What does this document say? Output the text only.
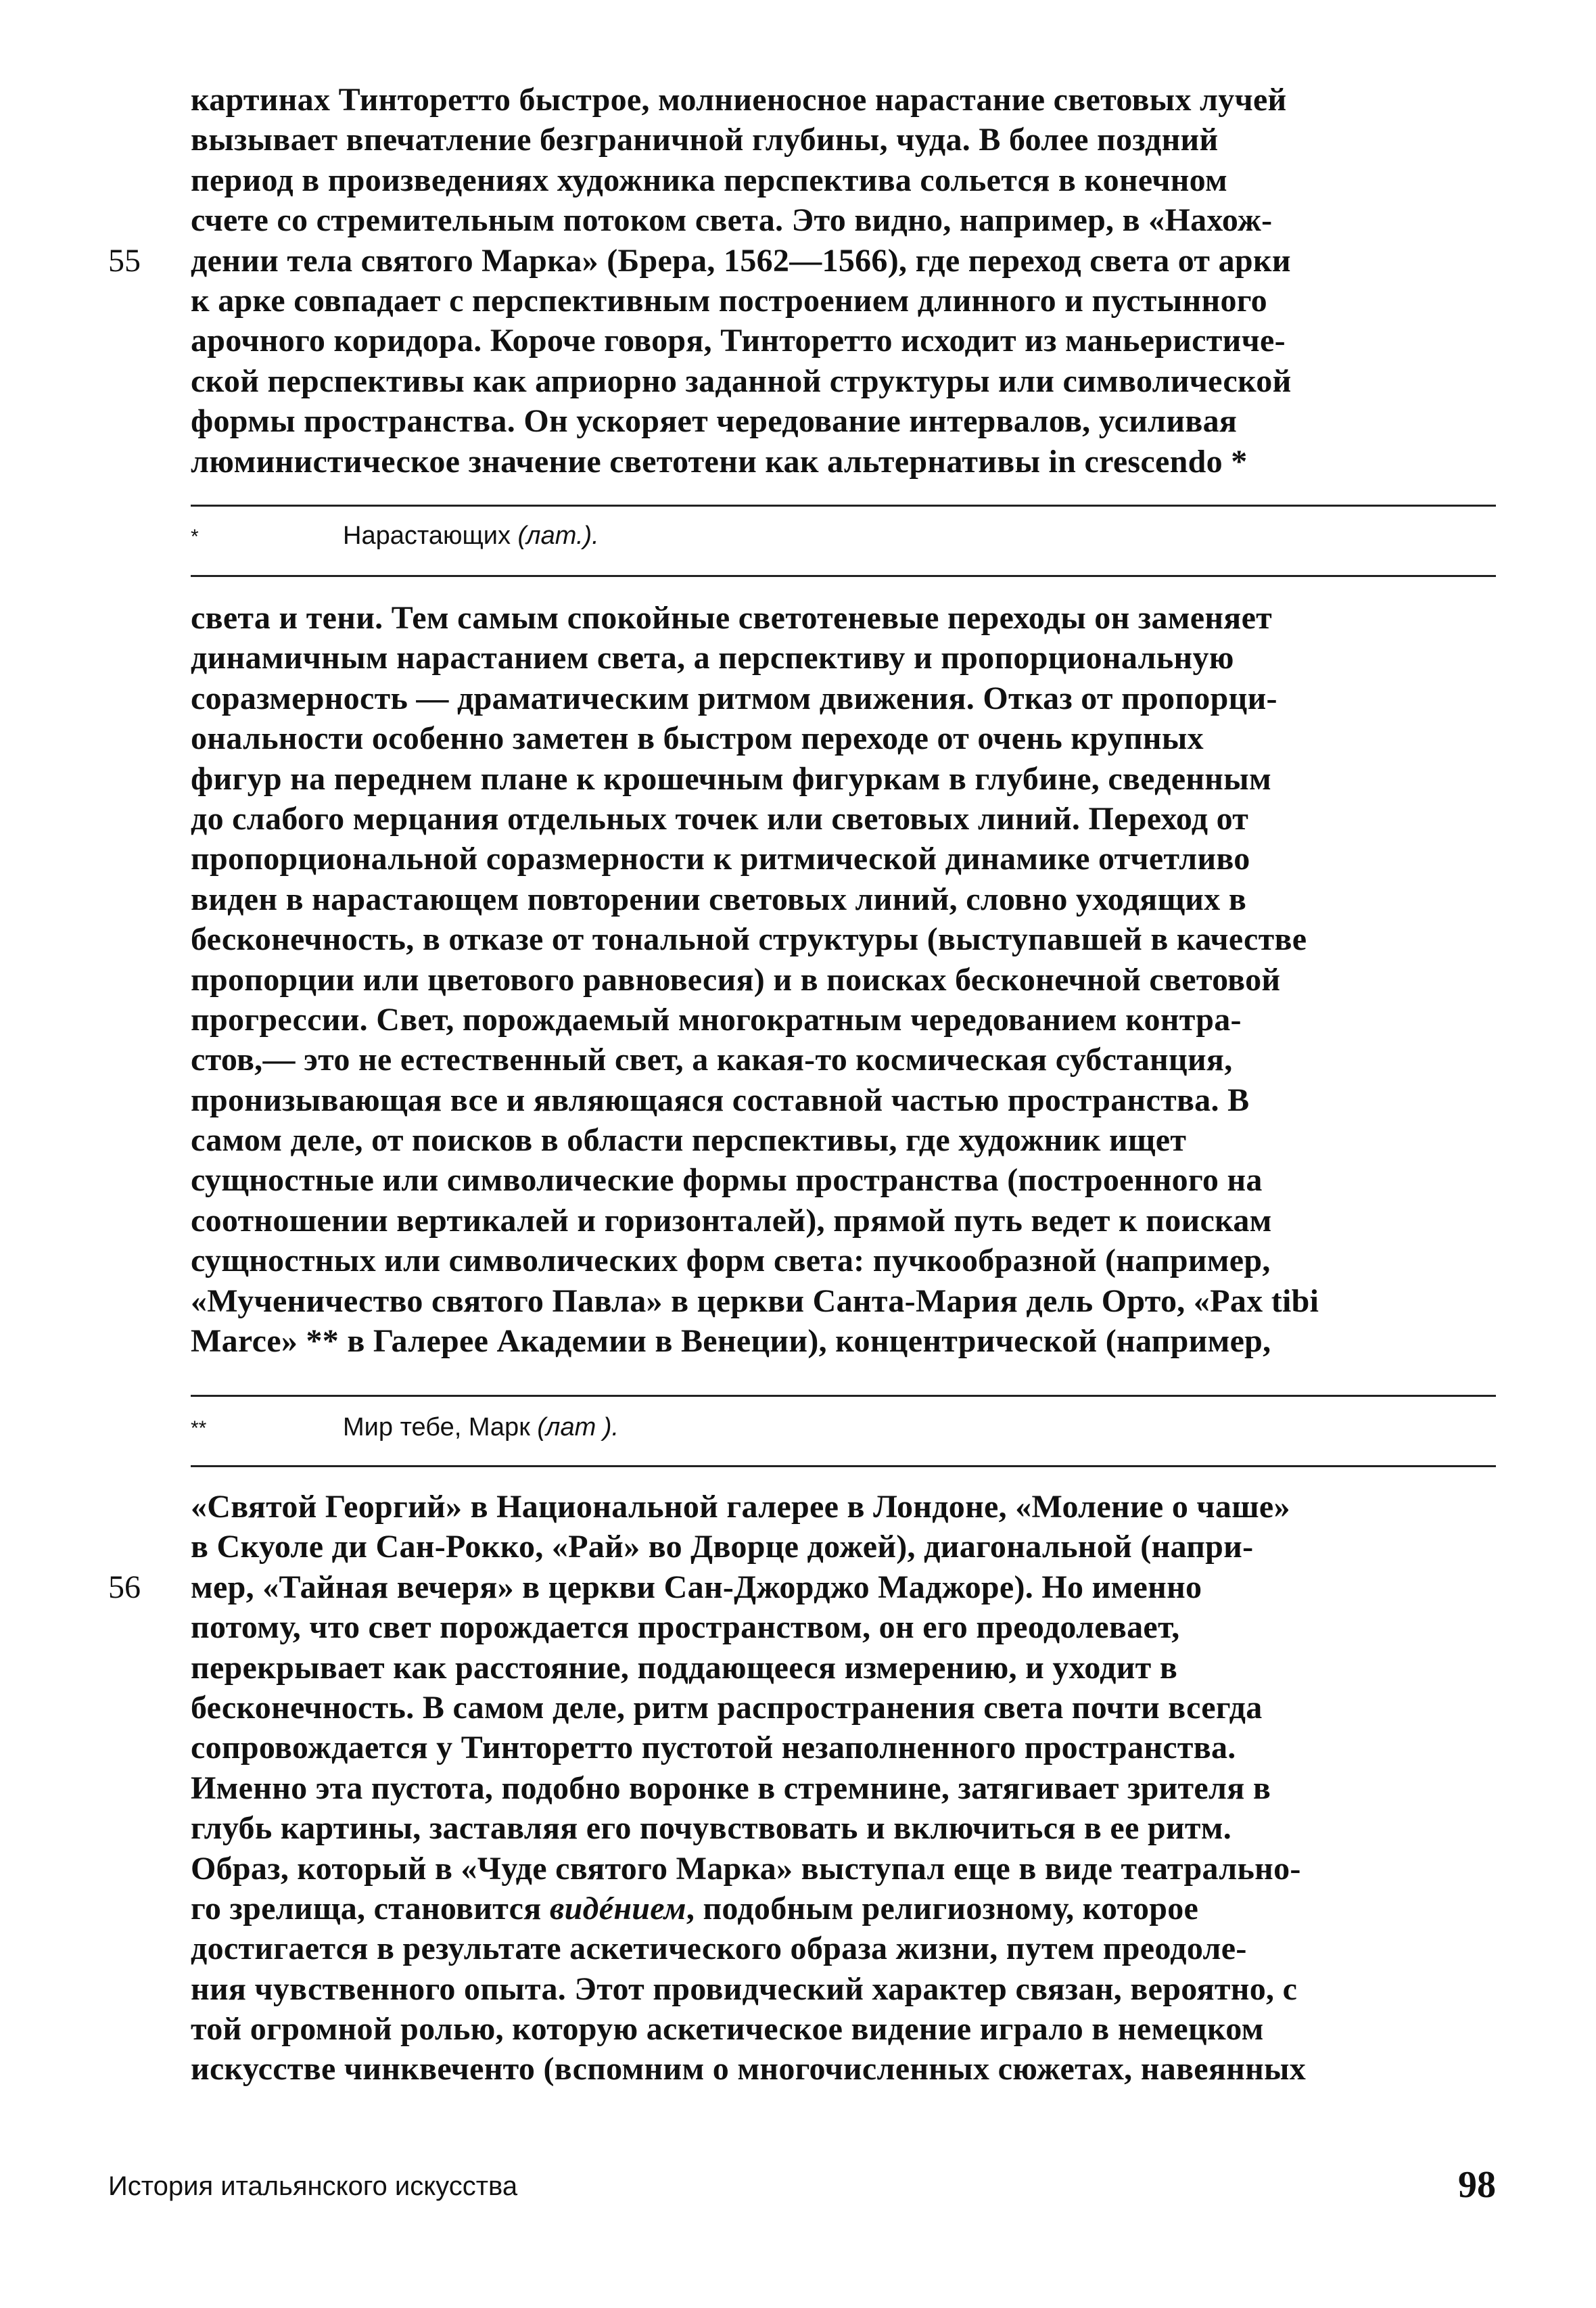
картинах Тинторетто быстрое, молниеносное нарастание световых лучей
вызывает впечатление безграничной глубины, чуда. В более поздний
период в произведениях художника перспектива сольется в конечном
счете со стремительным потоком света. Это видно, например, в «Нахож-
дении тела святого Марка» (Брера, 1562—1566), где переход света от арки
к арке совпадает с перспективным построением длинного и пустынного
арочного коридора. Короче говоря, Тинторетто исходит из маньеристиче-
ской перспективы как априорно заданной структуры или символической
формы пространства. Он ускоряет чередование интервалов, усиливая
люминистическое значение светотени как альтернативы in crescendo *
55
*	Нарастающих (лат.).
света и тени. Тем самым спокойные светотеневые переходы он заменяет
динамичным нарастанием света, а перспективу и пропорциональную
соразмерность — драматическим ритмом движения. Отказ от пропорци-
ональности особенно заметен в быстром переходе от очень крупных
фигур на переднем плане к крошечным фигуркам в глубине, сведенным
до слабого мерцания отдельных точек или световых линий. Переход от
пропорциональной соразмерности к ритмической динамике отчетливо
виден в нарастающем повторении световых линий, словно уходящих в
бесконечность, в отказе от тональной структуры (выступавшей в качестве
пропорции или цветового равновесия) и в поисках бесконечной световой
прогрессии. Свет, порождаемый многократным чередованием контра-
стов,— это не естественный свет, а какая-то космическая субстанция,
пронизывающая все и являющаяся составной частью пространства. В
самом деле, от поисков в области перспективы, где художник ищет
сущностные или символические формы пространства (построенного на
соотношении вертикалей и горизонталей), прямой путь ведет к поискам
сущностных или символических форм света: пучкообразной (например,
«Мученичество святого Павла» в церкви Санта-Мария дель Орто, «Pax tibi
Marce» ** в Галерее Академии в Венеции), концентрической (например,
**	Мир тебе, Марк (лат ).
«Святой Георгий» в Национальной галерее в Лондоне, «Моление о чаше»
в Скуоле ди Сан-Рокко, «Рай» во Дворце дожей), диагональной (напри-
мер, «Тайная вечеря» в церкви Сан-Джорджо Маджоре). Но именно
потому, что свет порождается пространством, он его преодолевает,
перекрывает как расстояние, поддающееся измерению, и уходит в
бесконечность. В самом деле, ритм распространения света почти всегда
сопровождается у Тинторетто пустотой незаполненного пространства.
Именно эта пустота, подобно воронке в стремнине, затягивает зрителя в
глубь картины, заставляя его почувствовать и включиться в ее ритм.
Образ, который в «Чуде святого Марка» выступал еще в виде театрально-
го зрелища, становится видéнием, подобным религиозному, которое
достигается в результате аскетического образа жизни, путем преодоле-
ния чувственного опыта. Этот провидческий характер связан, вероятно, с
той огромной ролью, которую аскетическое видение играло в немецком
искусстве чинквеченто (вспомним о многочисленных сюжетах, навеянных
56
История итальянского искусства	98
